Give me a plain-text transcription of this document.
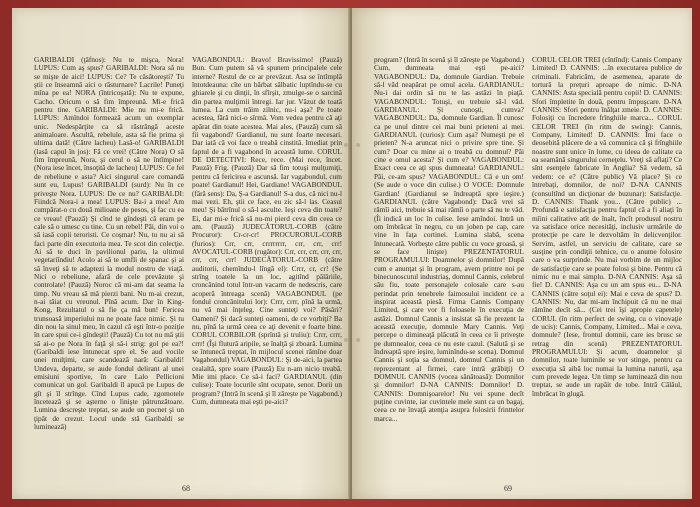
GARIBALDI (ţâfnos): Nu te mişca, Nora! LUPUS: Cum aş spus? GARIBALDI: Nora să nu se mişte de aici! LUPUS: Ce? Te căsătoreşti? Tu ştii ce înseamnă aici o răsturnare? Lacrile! Puneţi mîna pe ea! NORA (întricoşată): Nu te expune, Cacho. Oricum o să fim împreună. Mi-e frică pentru tine. GARIBALDI: Mie nu mi-e frică. LUPUS: Amîndoi formează acum un exemplar unic. Nedespărţite ca să răstrângă aceste animaloare. Ascultă, rebelule, asta să fie prima şi ultima dată! (Către lacheu) Lasă-o! GARIBALDI (lasă capul în jos): Fă ce vrei! (Către Nora) O să fim împreună, Nora, şi cerul o să ne întîmpine! (Nora iese încet, însoţită de lacheu) LUPUS: Ce fel de rebeliune e asta? Aici singurul care comandă sunt eu, Lupus! GARIBALDI (surd): Nu în ce priveşte Nora. LUPUS: De ce nu? GARIBALDI: Fiindcă Nora-i a mea! LUPUS: Ba-i a mea! Am cumpărat-o cu două milioane de pesos, şi fac cu ea ce vreau! (Pauză) Şi cînd te gîndeşti că eram pe cale să o umesc cu tine. Cu un rebel! Păi, din voi o să iasă copii teroristi. Ce coşmar! Nu, tu nu ai să faci parte din executoria mea. Te scot din colecţie. Ai să te duci în pavilionul pariu, la ultimul vegetariîndiu! Acolo ai să te umfli de spanac şi ai să înveţi să te adaptezi la modul nostru de viaţă. Nici o rebeliune, afară de cele prevăzute şi controlate! (Pauză) Noroc că mi-am dat seama la timp. Nu vreau să mă pierzi bani. Nu m-ai crezut, n-ai tăiat cu vreunul. Pînă acum. Dar în King-Kong, Rezultatul o să fie ça mă bun! Fericea trunsoasă imperiului nu ne poate face nimic. Şi tu din nou la sinul meu, în cazul că eşti într-o poziţie în care spui ce-i gîndeşti! (Pauză) Cu tot nu mă ştii să ai-o pe Nora în faţă şi să-i strig: gol pe ea?! (Garibaldi iese întunecat spre el. Se aud vocile unei mulţimi, care scandează nară: Garibaldi! Undeva, departe, se aude fondul delirant al unei emisiuni sportive, în care Lalo Pellicioni comunicat un gol. Garibaldi îl apucă pe Lupus de gît şi îl strînge. Cînd Lupus cade, zgomotele încetează şi se aşterne o linişte pătrunzătoare. Lumina descreşte treptat, se aude un pocnet şi un ţipăt de crezut. Locul unde stă Garibaldi se luminează)

VAGABONDUL: Bravo! Bravissimo! (Pauză) Bun. Cum putem să vă spunem principalele cele interne? Restul de ce ar prevăzut. Asa se întîmplă întotdeauna: cîte un bărbat sălbatic luptîndu-se cu ghiarele şi cu dinţii, în sfîrşit, zmulge-se o sarcină din partea mulţimii întregi. Iar jur. Văzut de toată lumea. La cum trăim zilnic, nu-i aşa? Pe toate acestea, fără nici-o sîrmă. Vom vedea pentru că aţi apărat din toate acestea. Mai ales, (Pauză) cum să fii vagabond? Gardianul, nu sunt foarte necesari. Dar iată că voi face o treabă cinstită. Imediat prin faptul de a fi vagabond în această lume. CORUL DE DETECTIVI: Rece, rece. (Mai rece, încet. Pauză) Frig. (Pauză) Dar să fim totuşi mulţumiţi, pentru că fericirea e ascunsă. Iar vagabondul, cum poate! Gardianul! Hei, Gardiane! VAGABONDUL (fără sens): Da, Ş-a Gardianul! S-a dus, că nici nu-l mai vezi. Eh, ştii ce face, eu zic să-l las. Ceasul meu! Şi bătrînul o să-l asculte. Ieşi ceva din toate? Ei, dar mi-e frică să nu-mi pierd ceva din ceea ce am. (Pauză) JUDECĂTORUL-CORB (către Procuror): Cr-cr-cr! PROCURORUL-CORB (furios): Crr, crr, crrrrrrrr, crr, crr, crr! AVOCATUL-CORB (rugător): Crr, crr, crr, crr, crr, crr, crr, crr! JUDECĂTORUL-CORB (către auditorii, chemîndu-l lîngă el): Crrr, cr, cr! (Se strîng toatele la un loc, agitînd pălăriile, croncănind totul într-un vacarm de nedescris, care acoperă întreaga scenă) VAGABONDUL (pe fondul croncănitului lor): Crrr, crrr, pînă la urmă, nu vă mai înţeleg. Cine sunteţi voi? Păsări? Oameni? Şi dacă sunteţi oameni, de ce vorbiţi? Ba nu, pînă la urmă ceea ce aţi devenit e foarte bine. CORUL CORBILOR (sprîntă și truliu): Crrr, crrr, crrr! (Îşi flutură aripile, se înalţă şi zboară. Lumina se întunecă treptat, în mijlocul scenei rămîne doar Vagabondul) VAGABONDUL: Şi de-aici, la partea cealaltă, spre soare (Pauză) Eu n-am nicio treabă. Mie imi place. Ce să-i faci? GARDIANUL (din culise): Toate locurile sînt ocupate, senor. Dorii un program? (Intră în scenă şi îl zărește pe Vagabond.) Cum, dumneata mai eşti pe-aici?

68

program? (Intră în scenă şi îl zăreşte pe Vagabond.) Cum, dumneata mai eşti pe-aici? VAGABONDUL: Da, domnule Gardian. Trebuie să-l văd neapărat pe omul acela. GARDIANUL: Nu-i dai ordin să nu te las astăzi în piaţă. VAGABONDUL: Totuşi, eu trebuie să-l văd. GARDIANUL: Şi cunoşti, cumva? VAGABONDUL: Da, domnule Gardian. Îl cunosc ca pe unul dintre cei mai buni prieteni ai mei. GARDIANUL (curios): Cum aşa? Numeşti pe el prieten? N-a aruncat nici o privire spre tine. Şi cum? Doar cu mine ai o treabă cu domnul? Păi cine e omul acesta? Şi cum e? VAGABONDUL: Exact ceea ce aţi spus dumneata! GARDIANUL: Păi, ce-am spus? VAGABONDUL: Că e un om! (Se aude o voce din culise.) O VOCE: Domnule Gardian! (Gardianul se îndreaptă spre ieşire.) GARDIANUL (către Vagabond): Dacă vrei să rămîi aici, trebuie să mai rămîi o parte să nu te văd. (Îi indică un loc în culise. Iese amîndoi. Intră un om îmbrăcat în negru, cu un joben pe cap, care vine în faţa cortinei. Lumina slabă, scena întunecată. Vorbeşte către public cu voce groasă, şi se face linişte) PREZENTATORUL PROGRAMULUI: Doamnelor şi domnilor! După cum e anunţat şi în program, avem printre noi pe binecunoscutul industriaş, domnul Cannis, celebrul său fiu, toate personajele colosale care s-au perindat prin tenebrele faimosului incident ce a inspirat această piesă. Firma Cannis Company Limited, şi care vor fi foloasele în execuţia de astăzi. Domnul Cannis a insistat să fie prezent la această execuţie, domnule Mary Cannis. Veţi percepe o dimineaţă plăcută în ceea ce îi priveşte pe dumnealor, ceea ce nu este cazul. (Salută şi se îndreaptă spre ieşire, luminîndu-se scena). Domnul Cannis şi soţia sa domnul, domnul Cannis și un reprezentant al firmei, care intră grăbiţi) O DOMNUL CANNIS (vocea sănătoasă): Domnilor şi domnilor! D-NA CANNIS: Domnilor! D. CANNIS: Domnişoarelor! Nu vei spune decît puţine cuvinte, iar cuvintele mele sunt ca un bagaj, ceea ce ne învaţă atenţia asupra folosirii frinttelor marca...

CORUL CELOR TREI (cîntînd): Cannis Company Limited! D. CANNIS: ...în executarea publice de criminali. Fabricăm, de asemenea, aparate de tortură la preţuri aproape de nimic. D-NA CANNIS: Asta specială pentru copii! D. CANNIS: Sfori împletite în două, pentru împuşcare. D-NA CANNIS: Sfori pentru înălţat zmeie. D. CANNIS: Folosiţi cu încredere frînghiile marca... CORUL CELOR TREI (în ritm de swing): Cannis, Company, Limited! D. CANNIS: Îmi face o deosebită plăcere de a vă comunica că şi frînghiile noastre sunt unice în lume, cu ideea de calitate ca ea seamănă singurului cerneţelu. Vreţi să aflaţi? Ce sînt esenţele fabricate în Anglia? Să vedem, să vedem: ce e? (Către public) Vă place? Şi ce întrebaţi, domnilor, de noi? D-NA CANNIS (consultînd un dicţionar de buzunar): Satisfacţie. D. CANNIS: Thank you... (Către public) ... Profundă e satisfacţia pentru faptul că a fi aliaţi în mîini calitative atît de înalt, încît produsul nostru va satisface orice necesităţi, inclusiv urmările de protecţie pe care le dezvoltăm în delicvenţilor. Servim, astfel, un serviciu de calitate, care se susţine prin condiţii tehnice, cu o anume folosire care o va surprinde. Nu mai vorbim de un mijloc de satisfacţie care se poate folosi şi bine. Pentru că nimic nu e mai simplu. D-NA CANNIS: Aşa să fie! D. CANNIS: Aşa cu un am spus eu... D-NA CANNIS (către soţul ei): Mai e ceva de spus? D. CANNIS: Nu, dar mi-am închipuit că nu ne mai rămîne decît să... (Cei trei îşi apropie capetele) CORUL (în ritm perfect de swing, cu o vinovaţie de ucis): Cannis, Company, Limited... Mai e ceva, domnule? (Iese, frontul domnii, care ies brusc se retrag din scenă) PREZENTATORUL PROGRAMULUI: Şi acum, doamnelor şi domnilor, toate luminile se vor stinge, pentru ca execuţia să aibă loc numai la lumina naturii, aşa cum prevede legea. Un timp se luminează din nou treptat, se aude un rapăit de tobe. Intră Călăul, îmbrăcat în glugă.

69
